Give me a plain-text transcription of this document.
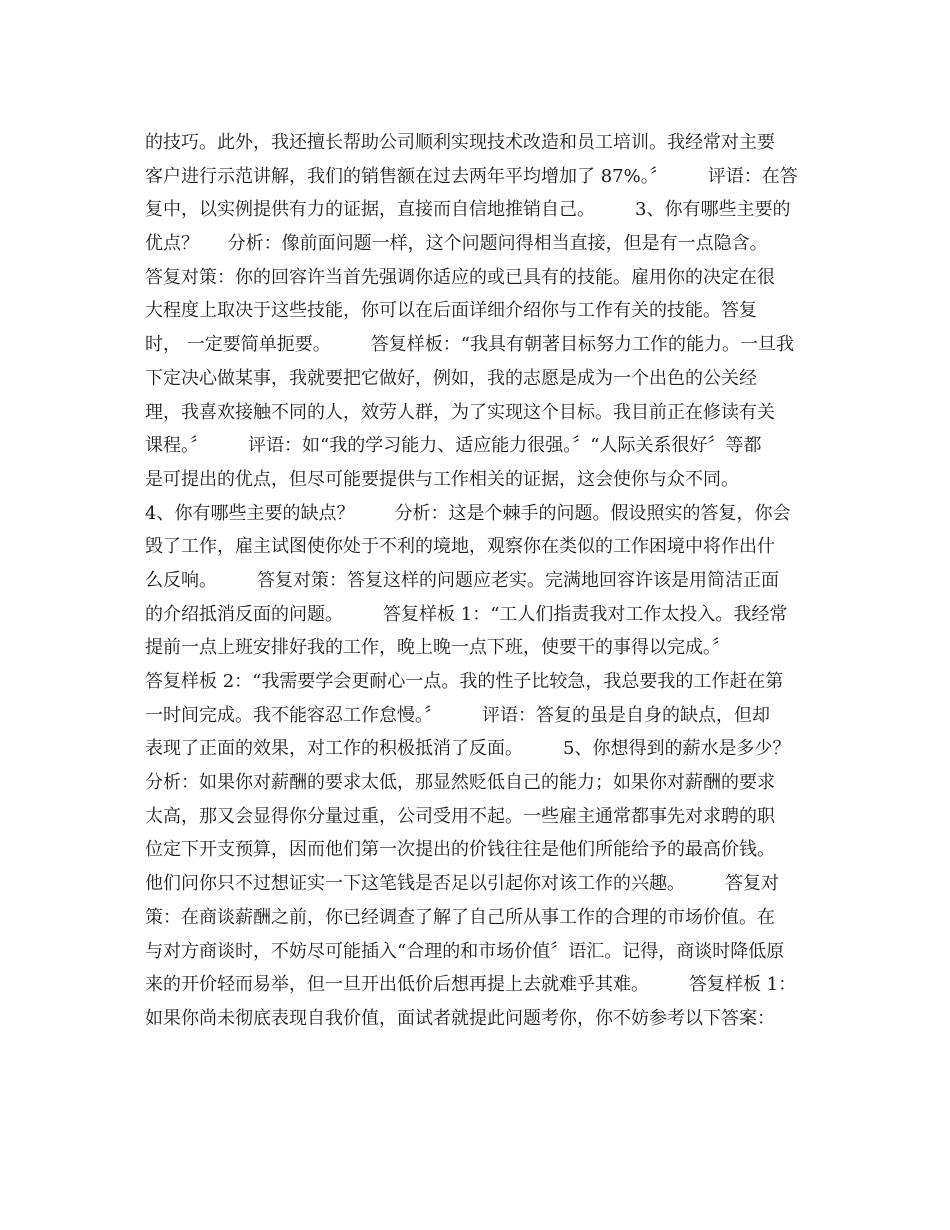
的技巧。此外，我还擅长帮助公司顺利实现技术改造和员工培训。我经常对主要
客户进行示范讲解，我们的销售额在过去两年平均增加了 87%。〞       评语：在答
复中，以实例提供有力的证据，直接而自信地推销自己。       3、你有哪些主要的
优点？     分析：像前面问题一样，这个问题问得相当直接，但是有一点隐含。
答复对策：你的回容许当首先强调你适应的或已具有的技能。雇用你的决定在很
大程度上取决于这些技能，你可以在后面详细介绍你与工作有关的技能。答复
时， 一定要简单扼要。       答复样板：“我具有朝著目标努力工作的能力。一旦我
下定决心做某事，我就要把它做好，例如，我的志愿是成为一个出色的公关经
理，我喜欢接触不同的人，效劳人群，为了实现这个目标。我目前正在修读有关
课程。〞       评语：如“我的学习能力、适应能力很强。〞“人际关系很好〞等都
是可提出的优点，但尽可能要提供与工作相关的证据，这会使你与众不同。
4、你有哪些主要的缺点？       分析：这是个棘手的问题。假设照实的答复，你会
毁了工作，雇主试图使你处于不利的境地，观察你在类似的工作困境中将作出什
么反响。       答复对策：答复这样的问题应老实。完满地回容许该是用简洁正面
的介绍抵消反面的问题。       答复样板 1：“工人们指责我对工作太投入。我经常
提前一点上班安排好我的工作，晚上晚一点下班，使要干的事得以完成。〞
答复样板 2：“我需要学会更耐心一点。我的性子比较急，我总要我的工作赶在第
一时间完成。我不能容忍工作怠慢。〞       评语：答复的虽是自身的缺点，但却
表现了正面的效果，对工作的积极抵消了反面。       5、你想得到的薪水是多少？
分析：如果你对薪酬的要求太低，那显然贬低自己的能力；如果你对薪酬的要求
太高，那又会显得你分量过重，公司受用不起。一些雇主通常都事先对求聘的职
位定下开支预算，因而他们第一次提出的价钱往往是他们所能给予的最高价钱。
他们问你只不过想证实一下这笔钱是否足以引起你对该工作的兴趣。       答复对
策：在商谈薪酬之前，你已经调查了解了自己所从事工作的合理的市场价值。在
与对方商谈时，不妨尽可能插入“合理的和市场价值〞语汇。记得，商谈时降低原
来的开价轻而易举，但一旦开出低价后想再提上去就难乎其难。       答复样板 1：
如果你尚未彻底表现自我价值，面试者就提此问题考你，你不妨参考以下答案：
